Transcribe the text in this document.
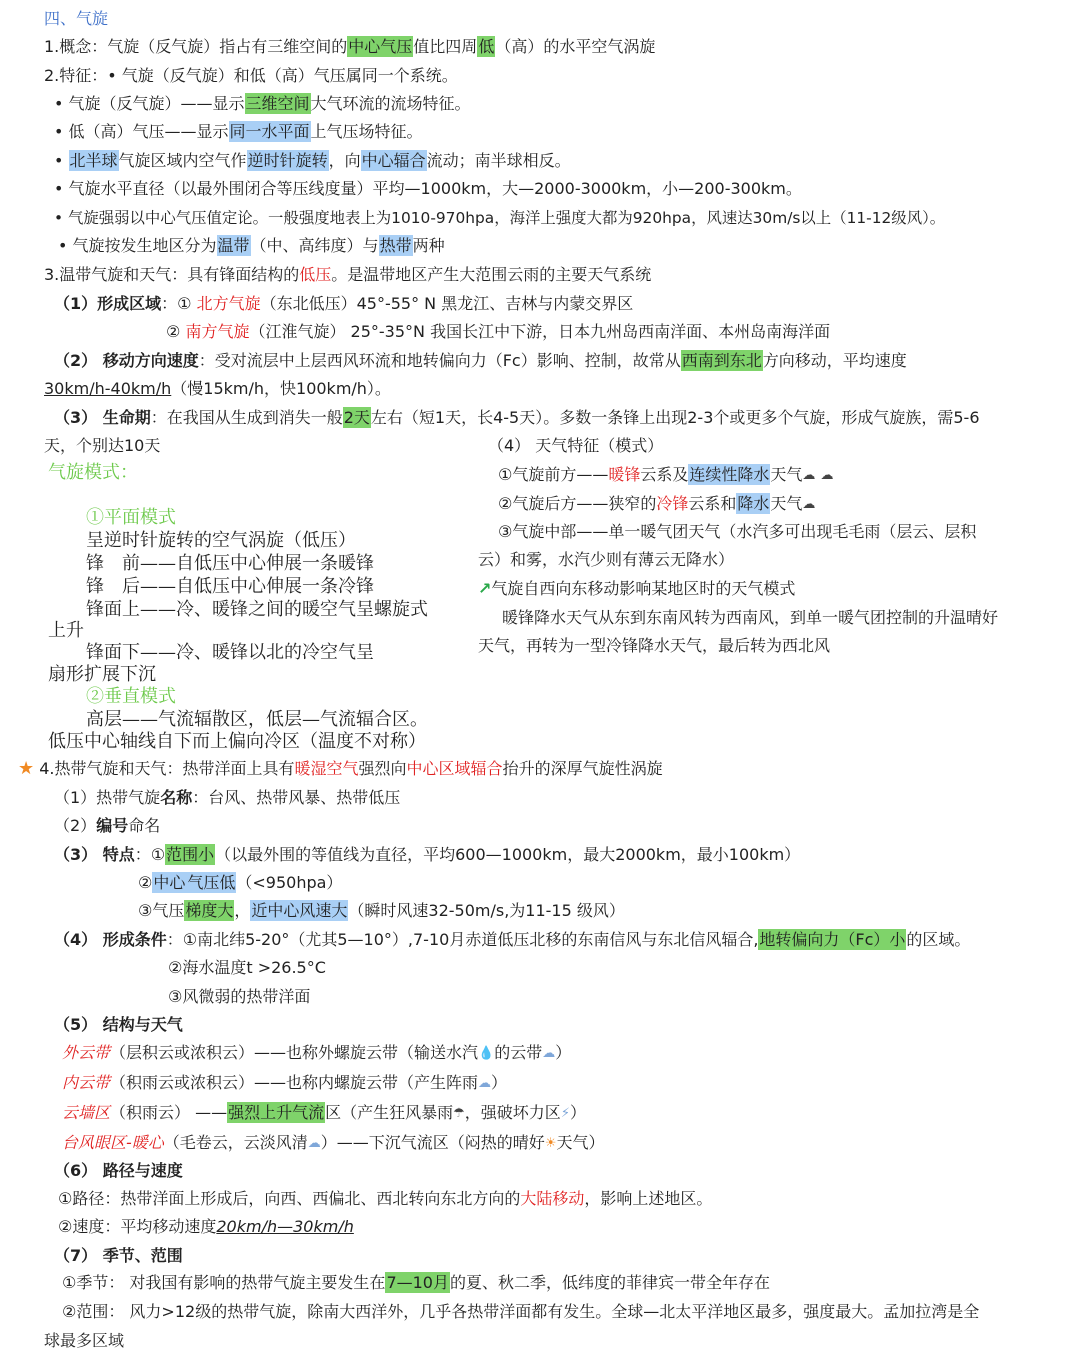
四、气旋
1.概念：气旋（反气旋）指占有三维空间的中心气压值比四周低（高）的水平空气涡旋
2.特征：• 气旋（反气旋）和低（高）气压属同一个系统。
• 气旋（反气旋）——显示三维空间大气环流的流场特征。
• 低（高）气压——显示同一水平面上气压场特征。
• 北半球气旋区域内空气作逆时针旋转，向中心辐合流动；南半球相反。
• 气旋水平直径（以最外围闭合等压线度量）平均—1000km，大—2000-3000km，小—200-300km。
• 气旋强弱以中心气压值定论。一般强度地表上为1010-970hpa，海洋上强度大都为920hpa，风速达30m/s以上（11-12级风）。
• 气旋按发生地区分为温带（中、高纬度）与热带两种
3.温带气旋和天气：具有锋面结构的低压。是温带地区产生大范围云雨的主要天气系统
（1）形成区域：① 北方气旋（东北低压）45°-55° N 黑龙江、吉林与内蒙交界区
② 南方气旋（江淮气旋） 25°-35°N 我国长江中下游，日本九州岛西南洋面、本州岛南海洋面
（2） 移动方向速度：受对流层中上层西风环流和地转偏向力（Fc）影响、控制，故常从西南到东北方向移动，平均速度
30km/h-40km/h（慢15km/h，快100km/h）。
（3） 生命期：在我国从生成到消失一般2天左右（短1天，长4-5天）。多数一条锋上出现2-3个或更多个气旋，形成气旋族，需5-6
天，个别达10天
气旋模式：
①平面模式
呈逆时针旋转的空气涡旋（低压）
锋　前——自低压中心伸展一条暖锋
锋　后——自低压中心伸展一条冷锋
锋面上——冷、暖锋之间的暖空气呈螺旋式
上升
锋面下——冷、暖锋以北的冷空气呈
扇形扩展下沉
②垂直模式
高层——气流辐散区，低层—气流辐合区。
低压中心轴线自下而上偏向冷区（温度不对称）
（4） 天气特征（模式）
①气旋前方——暖锋云系及连续性降水天气☁ ☁
②气旋后方——狭窄的冷锋云系和降水天气☁
③气旋中部——单一暖气团天气（水汽多可出现毛毛雨（层云、层积
云）和雾，水汽少则有薄云无降水）
↗气旋自西向东移动影响某地区时的天气模式
暖锋降水天气从东到东南风转为西南风，到单一暖气团控制的升温晴好
天气，再转为一型冷锋降水天气，最后转为西北风
★ 4.热带气旋和天气：热带洋面上具有暖湿空气强烈向中心区域辐合抬升的深厚气旋性涡旋
（1）热带气旋名称：台风、热带风暴、热带低压
（2）编号命名
（3） 特点：①范围小（以最外围的等值线为直径，平均600—1000km，最大2000km，最小100km）
②中心 气压低（<950hpa）
③气压梯度大，近中心风速大（瞬时风速32-50m/s,为11-15 级风）
（4） 形成条件：①南北纬5-20°（尤其5—10°）,7-10月赤道低压北移的东南信风与东北信风辐合,地转偏向力（Fc）小的区域。
②海水温度t >26.5°C
③风微弱的热带洋面
（5） 结构与天气
外云带（层积云或浓积云）——也称外螺旋云带（输送水汽💧的云带☁）
内云带（积雨云或浓积云）——也称内螺旋云带（产生阵雨☁）
云墙区（积雨云） ——强烈上升气流区（产生狂风暴雨☂，强破坏力区⚡）
台风眼区-暖心（毛卷云，云淡风清☁）——下沉气流区（闷热的晴好☀天气）
（6） 路径与速度
①路径：热带洋面上形成后，向西、西偏北、西北转向东北方向的大陆移动，影响上述地区。
②速度：平均移动速度20km/h—30km/h
（7） 季节、范围
①季节： 对我国有影响的热带气旋主要发生在7—10月的夏、秋二季，低纬度的菲律宾一带全年存在
②范围： 风力>12级的热带气旋，除南大西洋外，几乎各热带洋面都有发生。全球—北太平洋地区最多，强度最大。孟加拉湾是全
球最多区域
